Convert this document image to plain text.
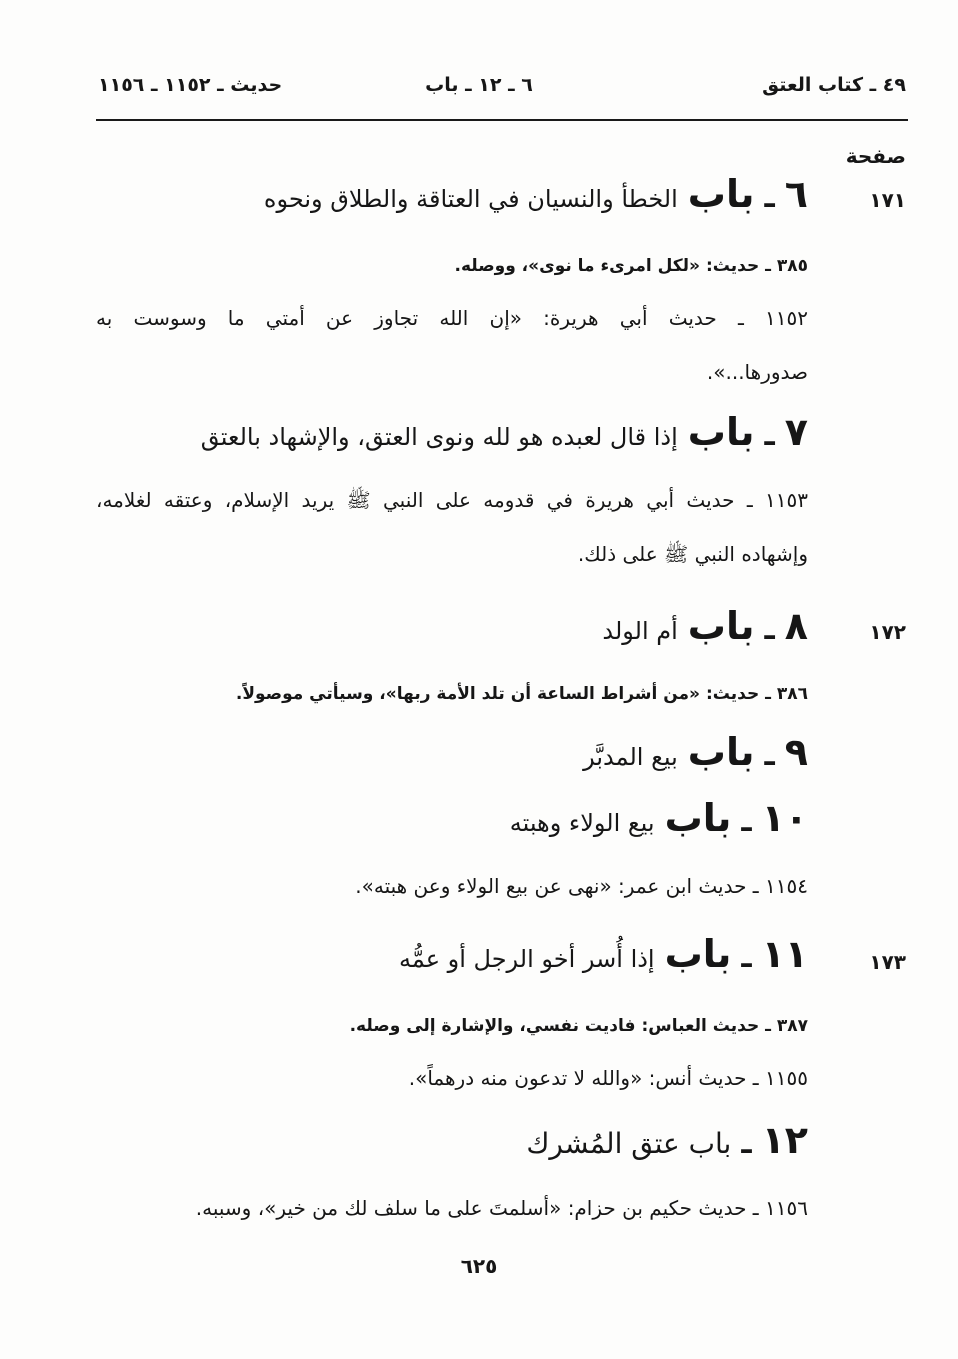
٤٩ ـ كتاب العتق
٦ ـ ١٢ ـ باب
حديث ـ ١١٥٢ ـ ١١٥٦
صفحة
١٧١
٦
ـ
باب
الخطأ والنسيان في العتاقة والطلاق ونحوه
٣٨٥ ـ حديث: «لكل امرىء ما نوى»، ووصله.
١١٥٢ ـ حديث أبي هريرة: «إن الله تجاوز عن أمتي ما وسوست به
صدورها...».
٧
ـ
باب
إذا قال لعبده هو لله ونوى العتق، والإشهاد بالعتق
١١٥٣ ـ حديث أبي هريرة في قدومه على النبي ﷺ يريد الإسلام، وعتقه لغلامه،
وإشهاده النبي ﷺ على ذلك.
١٧٢
٨
ـ
باب
أم الولد
٣٨٦ ـ حديث: «من أشراط الساعة أن تلد الأمة ربها»، وسيأتي موصولاً.
٩
ـ
باب
بيع المدبَّر
١٠
ـ
باب
بيع الولاء وهبته
١١٥٤ ـ حديث ابن عمر: «نهى عن بيع الولاء وعن هبته».
١٧٣
١١
ـ
باب
إذا أُسر أخو الرجل أو عمُّه
٣٨٧ ـ حديث العباس: فاديت نفسي، والإشارة إلى وصله.
١١٥٥ ـ حديث أنس: «والله لا تدعون منه درهماً».
١٢
ـ
باب عتق المُشرك
١١٥٦ ـ حديث حكيم بن حزام: «أسلمتَ على ما سلف لك من خير»، وسببه.
٦٢٥
